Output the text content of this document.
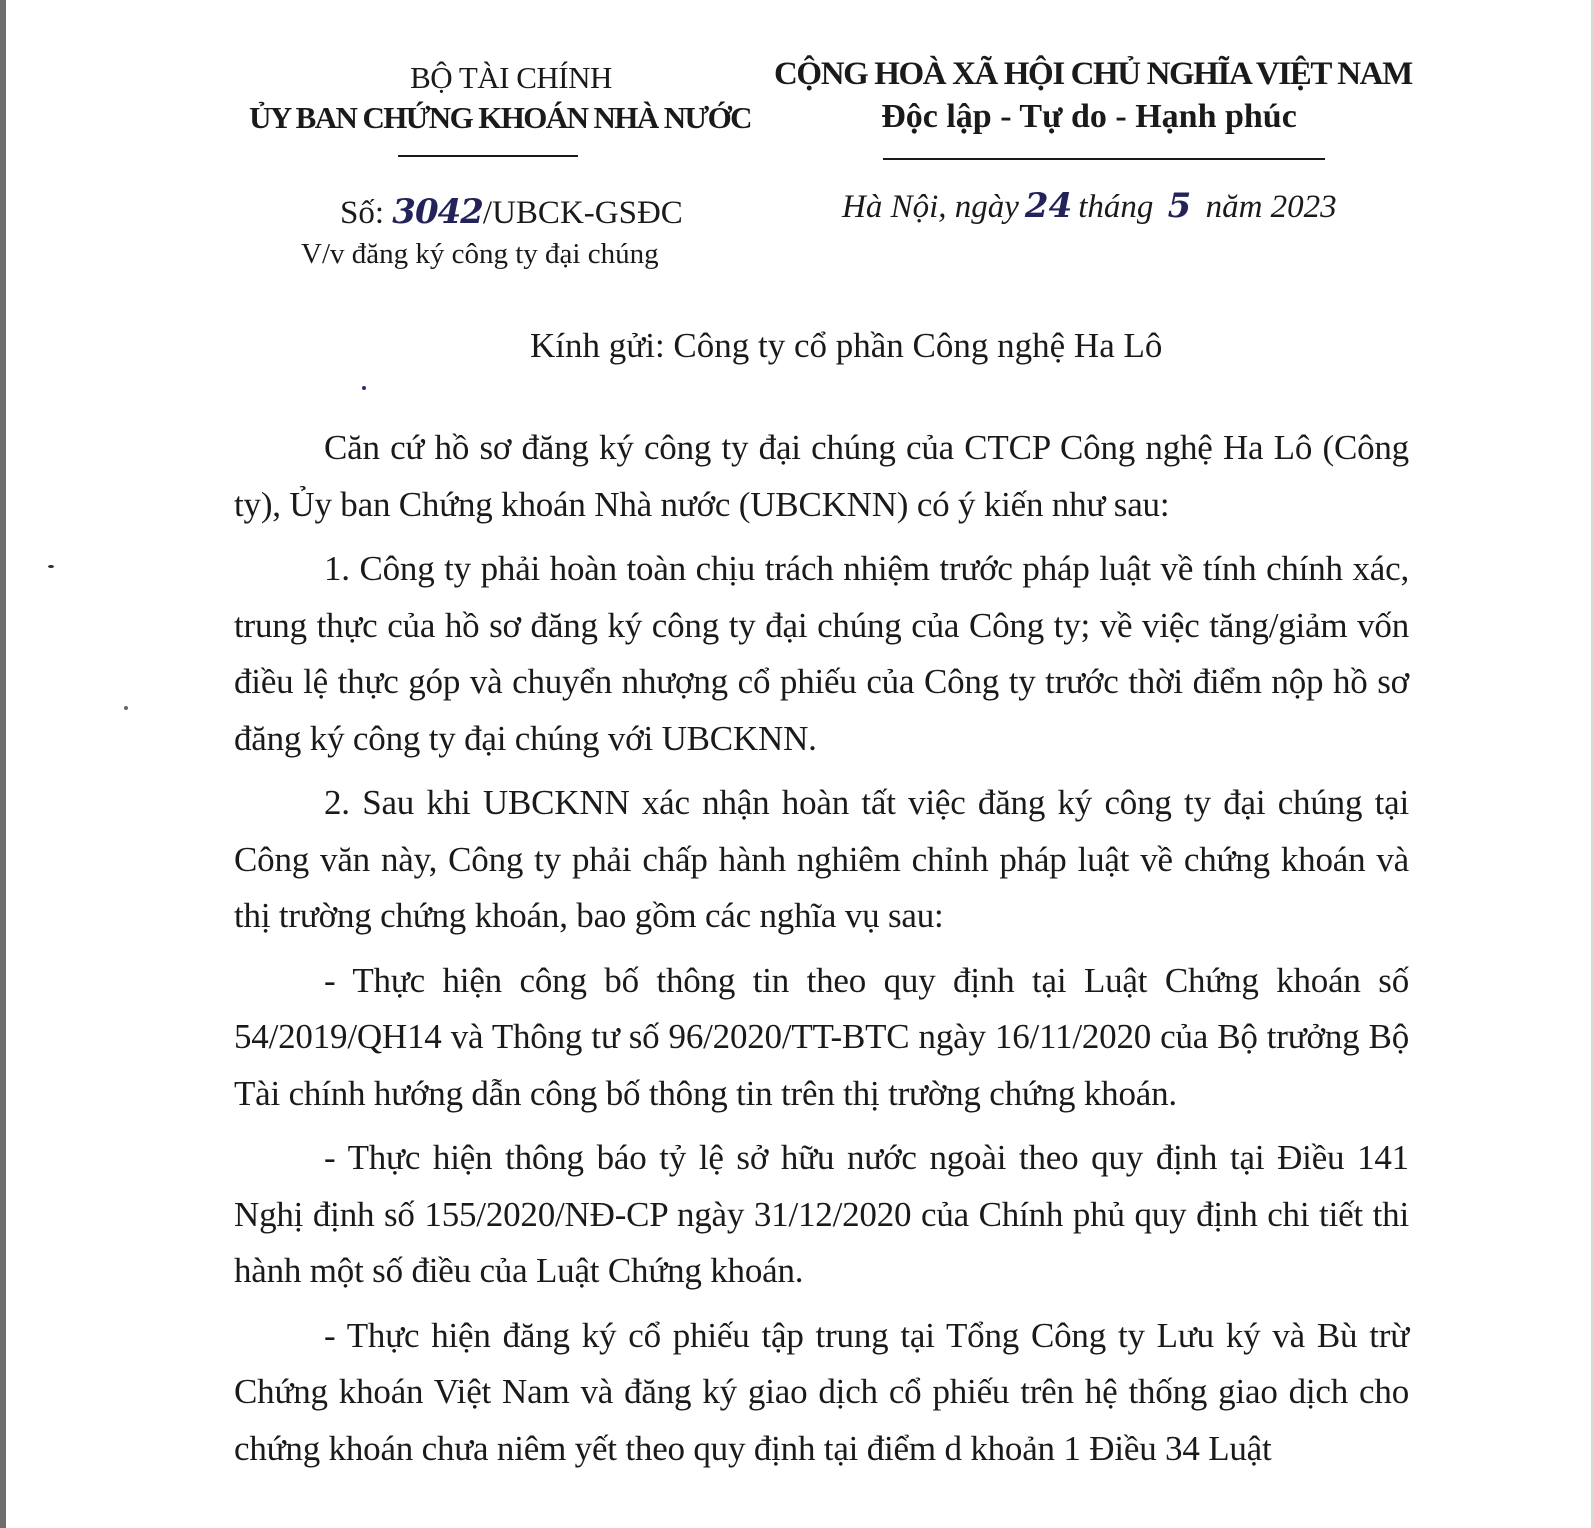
BỘ TÀI CHÍNH
ỦY BAN CHỨNG KHOÁN NHÀ NƯỚC
CỘNG HOÀ XÃ HỘI CHỦ NGHĨA VIỆT NAM
Độc lập - Tự do - Hạnh phúc
Số: 3042/UBCK-GSĐC
V/v đăng ký công ty đại chúng
Hà Nội, ngày 24 tháng 5 năm 2023
Kính gửi: Công ty cổ phần Công nghệ Ha Lô

Căn cứ hồ sơ đăng ký công ty đại chúng của CTCP Công nghệ Ha Lô (Công ty), Ủy ban Chứng khoán Nhà nước (UBCKNN) có ý kiến như sau:

1. Công ty phải hoàn toàn chịu trách nhiệm trước pháp luật về tính chính xác, trung thực của hồ sơ đăng ký công ty đại chúng của Công ty; về việc tăng/giảm vốn điều lệ thực góp và chuyển nhượng cổ phiếu của Công ty trước thời điểm nộp hồ sơ đăng ký công ty đại chúng với UBCKNN.

2. Sau khi UBCKNN xác nhận hoàn tất việc đăng ký công ty đại chúng tại Công văn này, Công ty phải chấp hành nghiêm chỉnh pháp luật về chứng khoán và thị trường chứng khoán, bao gồm các nghĩa vụ sau:

- Thực hiện công bố thông tin theo quy định tại Luật Chứng khoán số 54/2019/QH14 và Thông tư số 96/2020/TT-BTC ngày 16/11/2020 của Bộ trưởng Bộ Tài chính hướng dẫn công bố thông tin trên thị trường chứng khoán.

- Thực hiện thông báo tỷ lệ sở hữu nước ngoài theo quy định tại Điều 141 Nghị định số 155/2020/NĐ-CP ngày 31/12/2020 của Chính phủ quy định chi tiết thi hành một số điều của Luật Chứng khoán.

- Thực hiện đăng ký cổ phiếu tập trung tại Tổng Công ty Lưu ký và Bù trừ Chứng khoán Việt Nam và đăng ký giao dịch cổ phiếu trên hệ thống giao dịch cho chứng khoán chưa niêm yết theo quy định tại điểm d khoản 1 Điều 34 Luật
